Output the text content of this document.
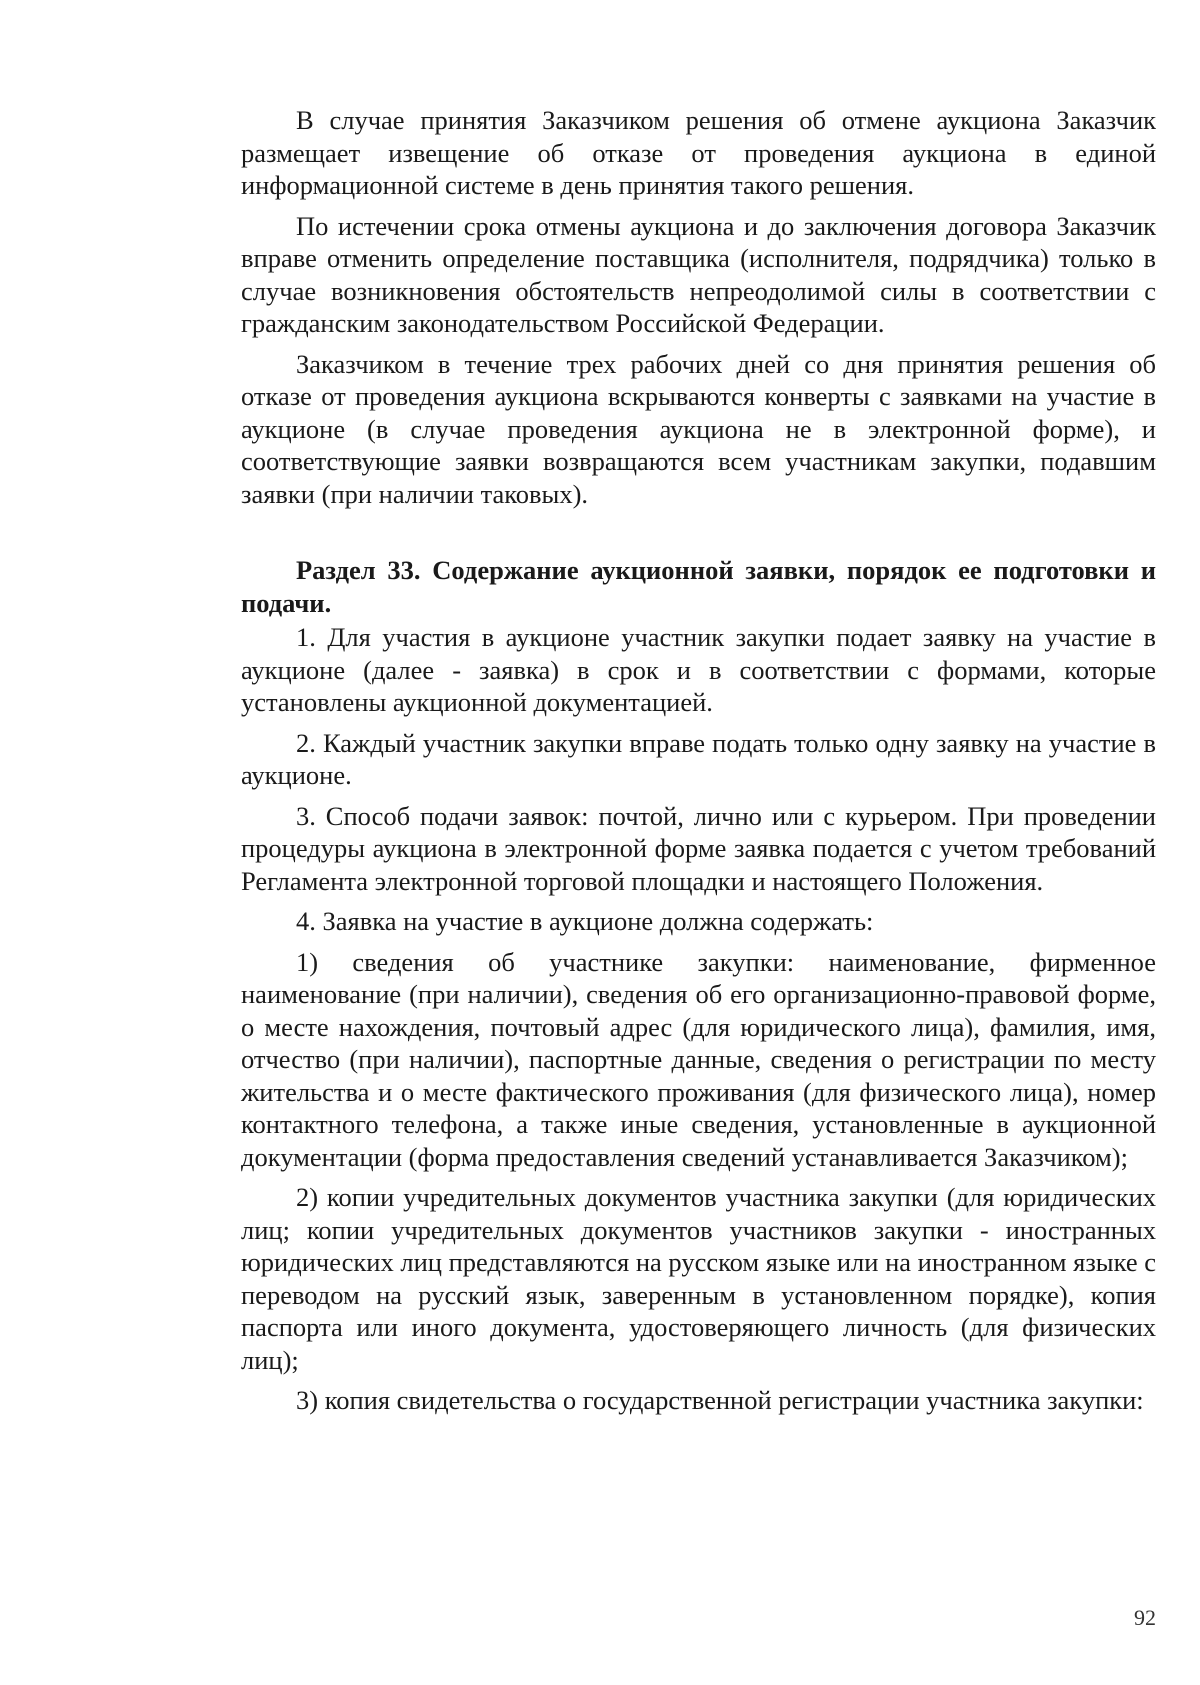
В случае принятия Заказчиком решения об отмене аукциона Заказчик размещает извещение об отказе от проведения аукциона в единой информационной системе в день принятия такого решения.

По истечении срока отмены аукциона и до заключения договора Заказчик вправе отменить определение поставщика (исполнителя, подрядчика) только в случае возникновения обстоятельств непреодолимой силы в соответствии с гражданским законодательством Российской Федерации.

Заказчиком в течение трех рабочих дней со дня принятия решения об отказе от проведения аукциона вскрываются конверты с заявками на участие в аукционе (в случае проведения аукциона не в электронной форме), и соответствующие заявки возвращаются всем участникам закупки, подавшим заявки (при наличии таковых).

Раздел 33. Содержание аукционной заявки, порядок ее подготовки и подачи.

1. Для участия в аукционе участник закупки подает заявку на участие в аукционе (далее - заявка) в срок и в соответствии с формами, которые установлены аукционной документацией.

2. Каждый участник закупки вправе подать только одну заявку на участие в аукционе.

3. Способ подачи заявок: почтой, лично или с курьером. При проведении процедуры аукциона в электронной форме заявка подается с учетом требований Регламента электронной торговой площадки и настоящего Положения.

4. Заявка на участие в аукционе должна содержать:

1) сведения об участнике закупки: наименование, фирменное наименование (при наличии), сведения об его организационно-правовой форме, о месте нахождения, почтовый адрес (для юридического лица), фамилия, имя, отчество (при наличии), паспортные данные, сведения о регистрации по месту жительства и о месте фактического проживания (для физического лица), номер контактного телефона, а также иные сведения, установленные в аукционной документации (форма предоставления сведений устанавливается Заказчиком);

2) копии учредительных документов участника закупки (для юридических лиц; копии учредительных документов участников закупки - иностранных юридических лиц представляются на русском языке или на иностранном языке с переводом на русский язык, заверенным в установленном порядке), копия паспорта или иного документа, удостоверяющего личность (для физических лиц);

3) копия свидетельства о государственной регистрации участника закупки:

92
